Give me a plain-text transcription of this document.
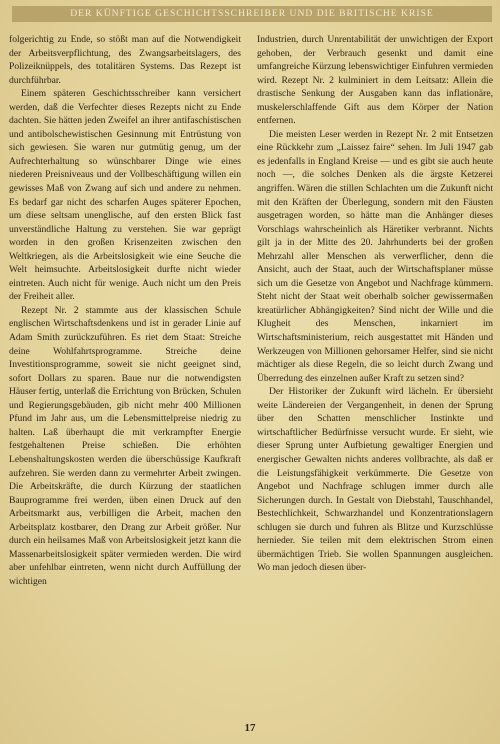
DER KÜNFTIGE GESCHICHTSSCHREIBER UND DIE BRITISCHE KRISE

folgerichtig zu Ende, so stößt man auf die Notwendigkeit der Arbeitsverpflichtung, des Zwangsarbeitslagers, des Polizeiknüppels, des totalitären Systems. Das Rezept ist durchführbar.

Einem späteren Geschichtsschreiber kann versichert werden, daß die Verfechter dieses Rezepts nicht zu Ende dachten. Sie hätten jeden Zweifel an ihrer antifaschistischen und antibolschewistischen Gesinnung mit Entrüstung von sich gewiesen. Sie waren nur gutmütig genug, um der Aufrechterhaltung so wünschbarer Dinge wie eines niederen Preisniveaus und der Vollbeschäftigung willen ein gewisses Maß von Zwang auf sich und andere zu nehmen. Es bedarf gar nicht des scharfen Auges späterer Epochen, um diese seltsam unenglische, auf den ersten Blick fast unverständliche Haltung zu verstehen. Sie war geprägt worden in den großen Krisenzeiten zwischen den Weltkriegen, als die Arbeitslosigkeit wie eine Seuche die Welt heimsuchte. Arbeitslosigkeit durfte nicht wieder eintreten. Auch nicht für wenige. Auch nicht um den Preis der Freiheit aller.

Rezept Nr. 2 stammte aus der klassischen Schule englischen Wirtschaftsdenkens und ist in gerader Linie auf Adam Smith zurückzuführen. Es riet dem Staat: Streiche deine Wohlfahrtsprogramme. Streiche deine Investitionsprogramme, soweit sie nicht geeignet sind, sofort Dollars zu sparen. Baue nur die notwendigsten Häuser fertig, unterlaß die Errichtung von Brücken, Schulen und Regierungsgebäuden, gib nicht mehr 400 Millionen Pfund im Jahr aus, um die Lebensmittelpreise niedrig zu halten. Laß überhaupt die mit verkrampfter Energie festgehaltenen Preise schießen. Die erhöhten Lebenshaltungskosten werden die überschüssige Kaufkraft aufzehren. Sie werden dann zu vermehrter Arbeit zwingen. Die Arbeitskräfte, die durch Kürzung der staatlichen Bauprogramme frei werden, üben einen Druck auf den Arbeitsmarkt aus, verbilligen die Arbeit, machen den Arbeitsplatz kostbarer, den Drang zur Arbeit größer. Nur durch ein heilsames Maß von Arbeitslosigkeit jetzt kann die Massenarbeitslosigkeit später vermieden werden. Die wird aber unfehlbar eintreten, wenn nicht durch Auffüllung der wichtigen

Industrien, durch Unrentabilität der unwichtigen der Export gehoben, der Verbrauch gesenkt und damit eine umfangreiche Kürzung lebenswichtiger Einfuhren vermieden wird. Rezept Nr. 2 kulminiert in dem Leitsatz: Allein die drastische Senkung der Ausgaben kann das inflationäre, muskelerschlaffende Gift aus dem Körper der Nation entfernen.

Die meisten Leser werden in Rezept Nr. 2 mit Entsetzen eine Rückkehr zum „Laissez faire“ sehen. Im Juli 1947 gab es jedenfalls in England Kreise — und es gibt sie auch heute noch —, die solches Denken als die ärgste Ketzerei angriffen. Wären die stillen Schlachten um die Zukunft nicht mit den Kräften der Überlegung, sondern mit den Fäusten ausgetragen worden, so hätte man die Anhänger dieses Vorschlags wahrscheinlich als Häretiker verbrannt. Nichts gilt ja in der Mitte des 20. Jahrhunderts bei der großen Mehrzahl aller Menschen als verwerflicher, denn die Ansicht, auch der Staat, auch der Wirtschaftsplaner müsse sich um die Gesetze von Angebot und Nachfrage kümmern. Steht nicht der Staat weit oberhalb solcher gewissermaßen kreatürlicher Abhängigkeiten? Sind nicht der Wille und die Klugheit des Menschen, inkarniert im Wirtschaftsministerium, reich ausgestattet mit Händen und Werkzeugen von Millionen gehorsamer Helfer, sind sie nicht mächtiger als diese Regeln, die so leicht durch Zwang und Überredung des einzelnen außer Kraft zu setzen sind?

Der Historiker der Zukunft wird lächeln. Er übersieht weite Ländereien der Vergangenheit, in denen der Sprung über den Schatten menschlicher Instinkte und wirtschaftlicher Bedürfnisse versucht wurde. Er sieht, wie dieser Sprung unter Aufbietung gewaltiger Energien und energischer Gewalten nichts anderes vollbrachte, als daß er die Leistungsfähigkeit verkümmerte. Die Gesetze von Angebot und Nachfrage schlugen immer durch alle Sicherungen durch. In Gestalt von Diebstahl, Tauschhandel, Bestechlichkeit, Schwarzhandel und Konzentrationslagern schlugen sie durch und fuhren als Blitze und Kurzschlüsse hernieder. Sie teilen mit dem elektrischen Strom einen übermächtigen Trieb. Sie wollen Spannungen ausgleichen. Wo man jedoch diesen über-

17
